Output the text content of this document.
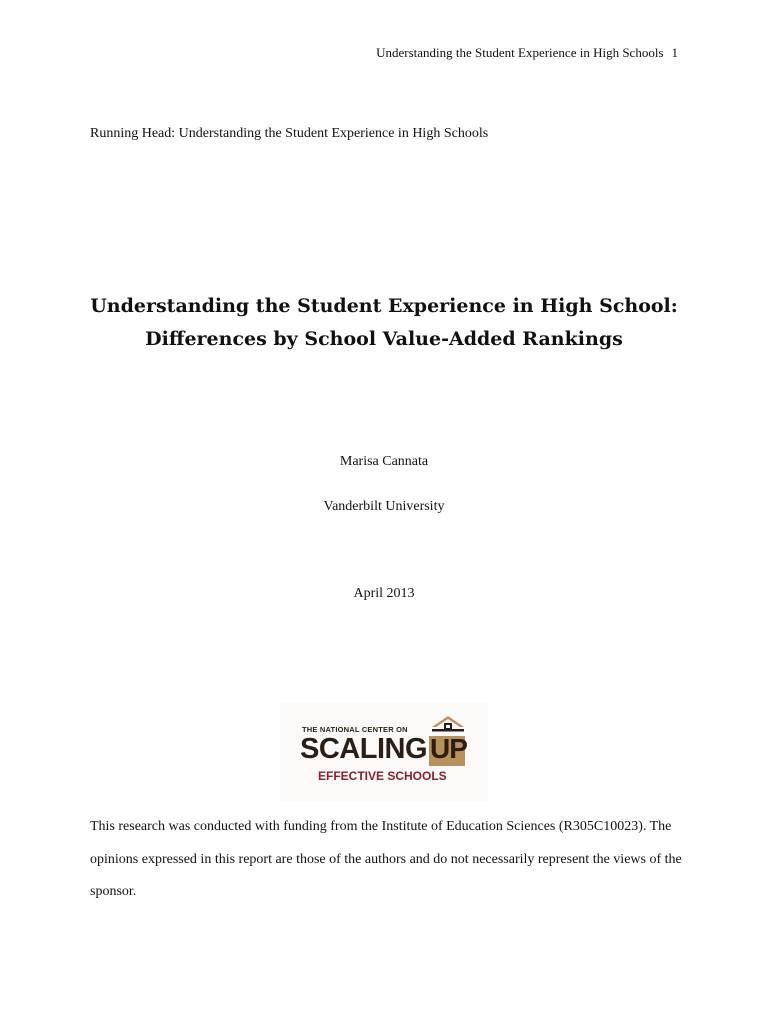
Understanding the Student Experience in High Schools 1
Running Head: Understanding the Student Experience in High Schools
Understanding the Student Experience in High School:
Differences by School Value-Added Rankings
Marisa Cannata
Vanderbilt University
April 2013
THE NATIONAL CENTER ON
SCALING UP
EFFECTIVE SCHOOLS
This research was conducted with funding from the Institute of Education Sciences (R305C10023). The
opinions expressed in this report are those of the authors and do not necessarily represent the views of the
sponsor.
